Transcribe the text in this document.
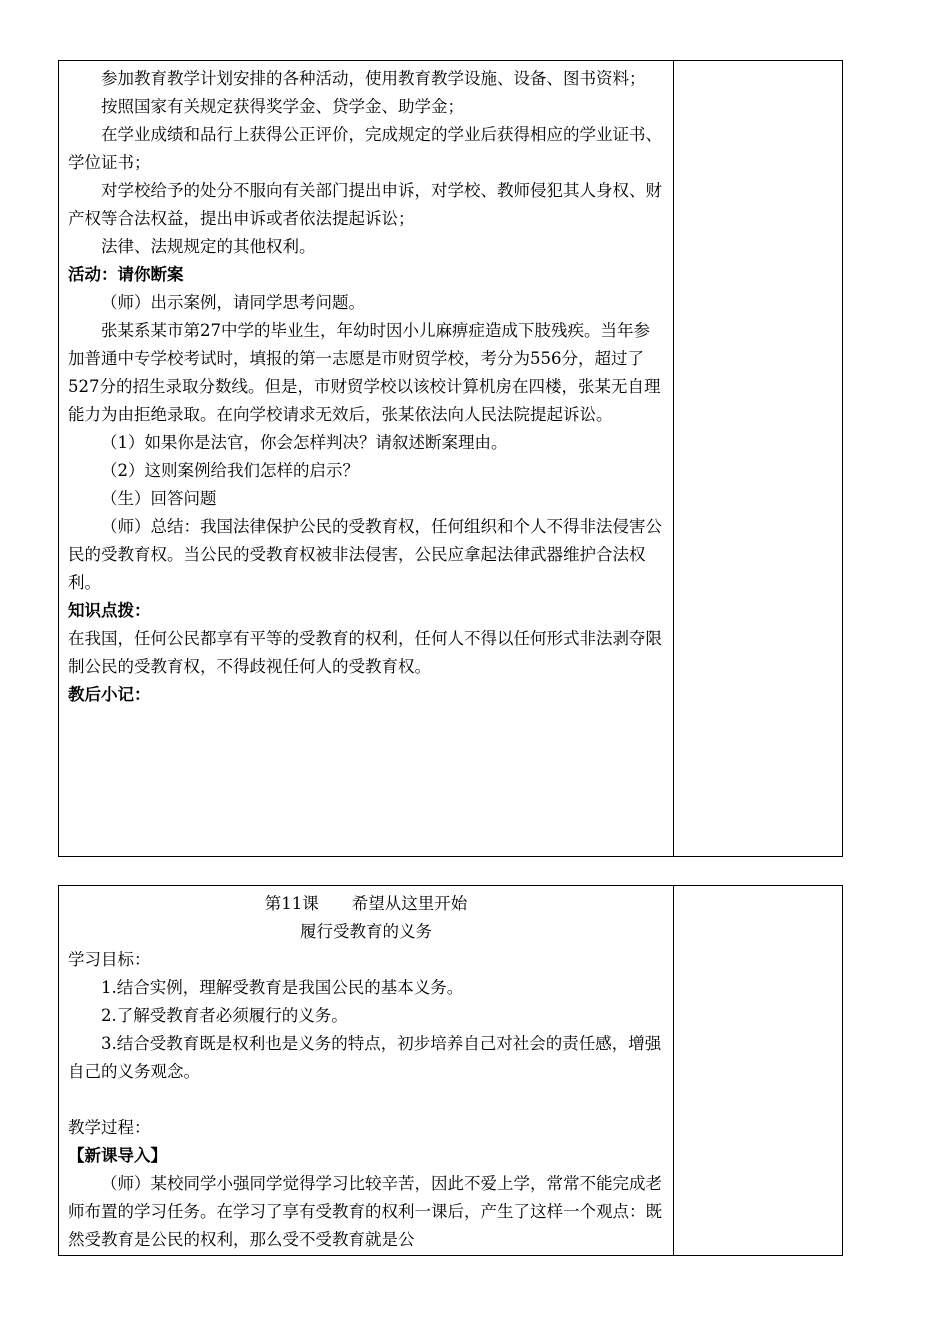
参加教育教学计划安排的各种活动，使用教育教学设施、设备、图书资料；

按照国家有关规定获得奖学金、贷学金、助学金；

在学业成绩和品行上获得公正评价，完成规定的学业后获得相应的学业证书、学位证书；

对学校给予的处分不服向有关部门提出申诉，对学校、教师侵犯其人身权、财产权等合法权益，提出申诉或者依法提起诉讼；

法律、法规规定的其他权利。

活动：请你断案

（师）出示案例，请同学思考问题。

张某系某市第27中学的毕业生，年幼时因小儿麻痹症造成下肢残疾。当年参加普通中专学校考试时，填报的第一志愿是市财贸学校，考分为556分，超过了527分的招生录取分数线。但是，市财贸学校以该校计算机房在四楼，张某无自理能力为由拒绝录取。在向学校请求无效后，张某依法向人民法院提起诉讼。

（1）如果你是法官，你会怎样判决？请叙述断案理由。

（2）这则案例给我们怎样的启示？

（生）回答问题

（师）总结：我国法律保护公民的受教育权，任何组织和个人不得非法侵害公民的受教育权。当公民的受教育权被非法侵害，公民应拿起法律武器维护合法权利。

知识点拨：

在我国，任何公民都享有平等的受教育的权利，任何人不得以任何形式非法剥夺限制公民的受教育权，不得歧视任何人的受教育权。

教后小记：

第11课　　希望从这里开始

履行受教育的义务

学习目标：

1.结合实例，理解受教育是我国公民的基本义务。

2.了解受教育者必须履行的义务。

3.结合受教育既是权利也是义务的特点，初步培养自己对社会的责任感，增强自己的义务观念。

教学过程：

【新课导入】

（师）某校同学小强同学觉得学习比较辛苦，因此不爱上学，常常不能完成老师布置的学习任务。在学习了享有受教育的权利一课后，产生了这样一个观点：既然受教育是公民的权利，那么受不受教育就是公
